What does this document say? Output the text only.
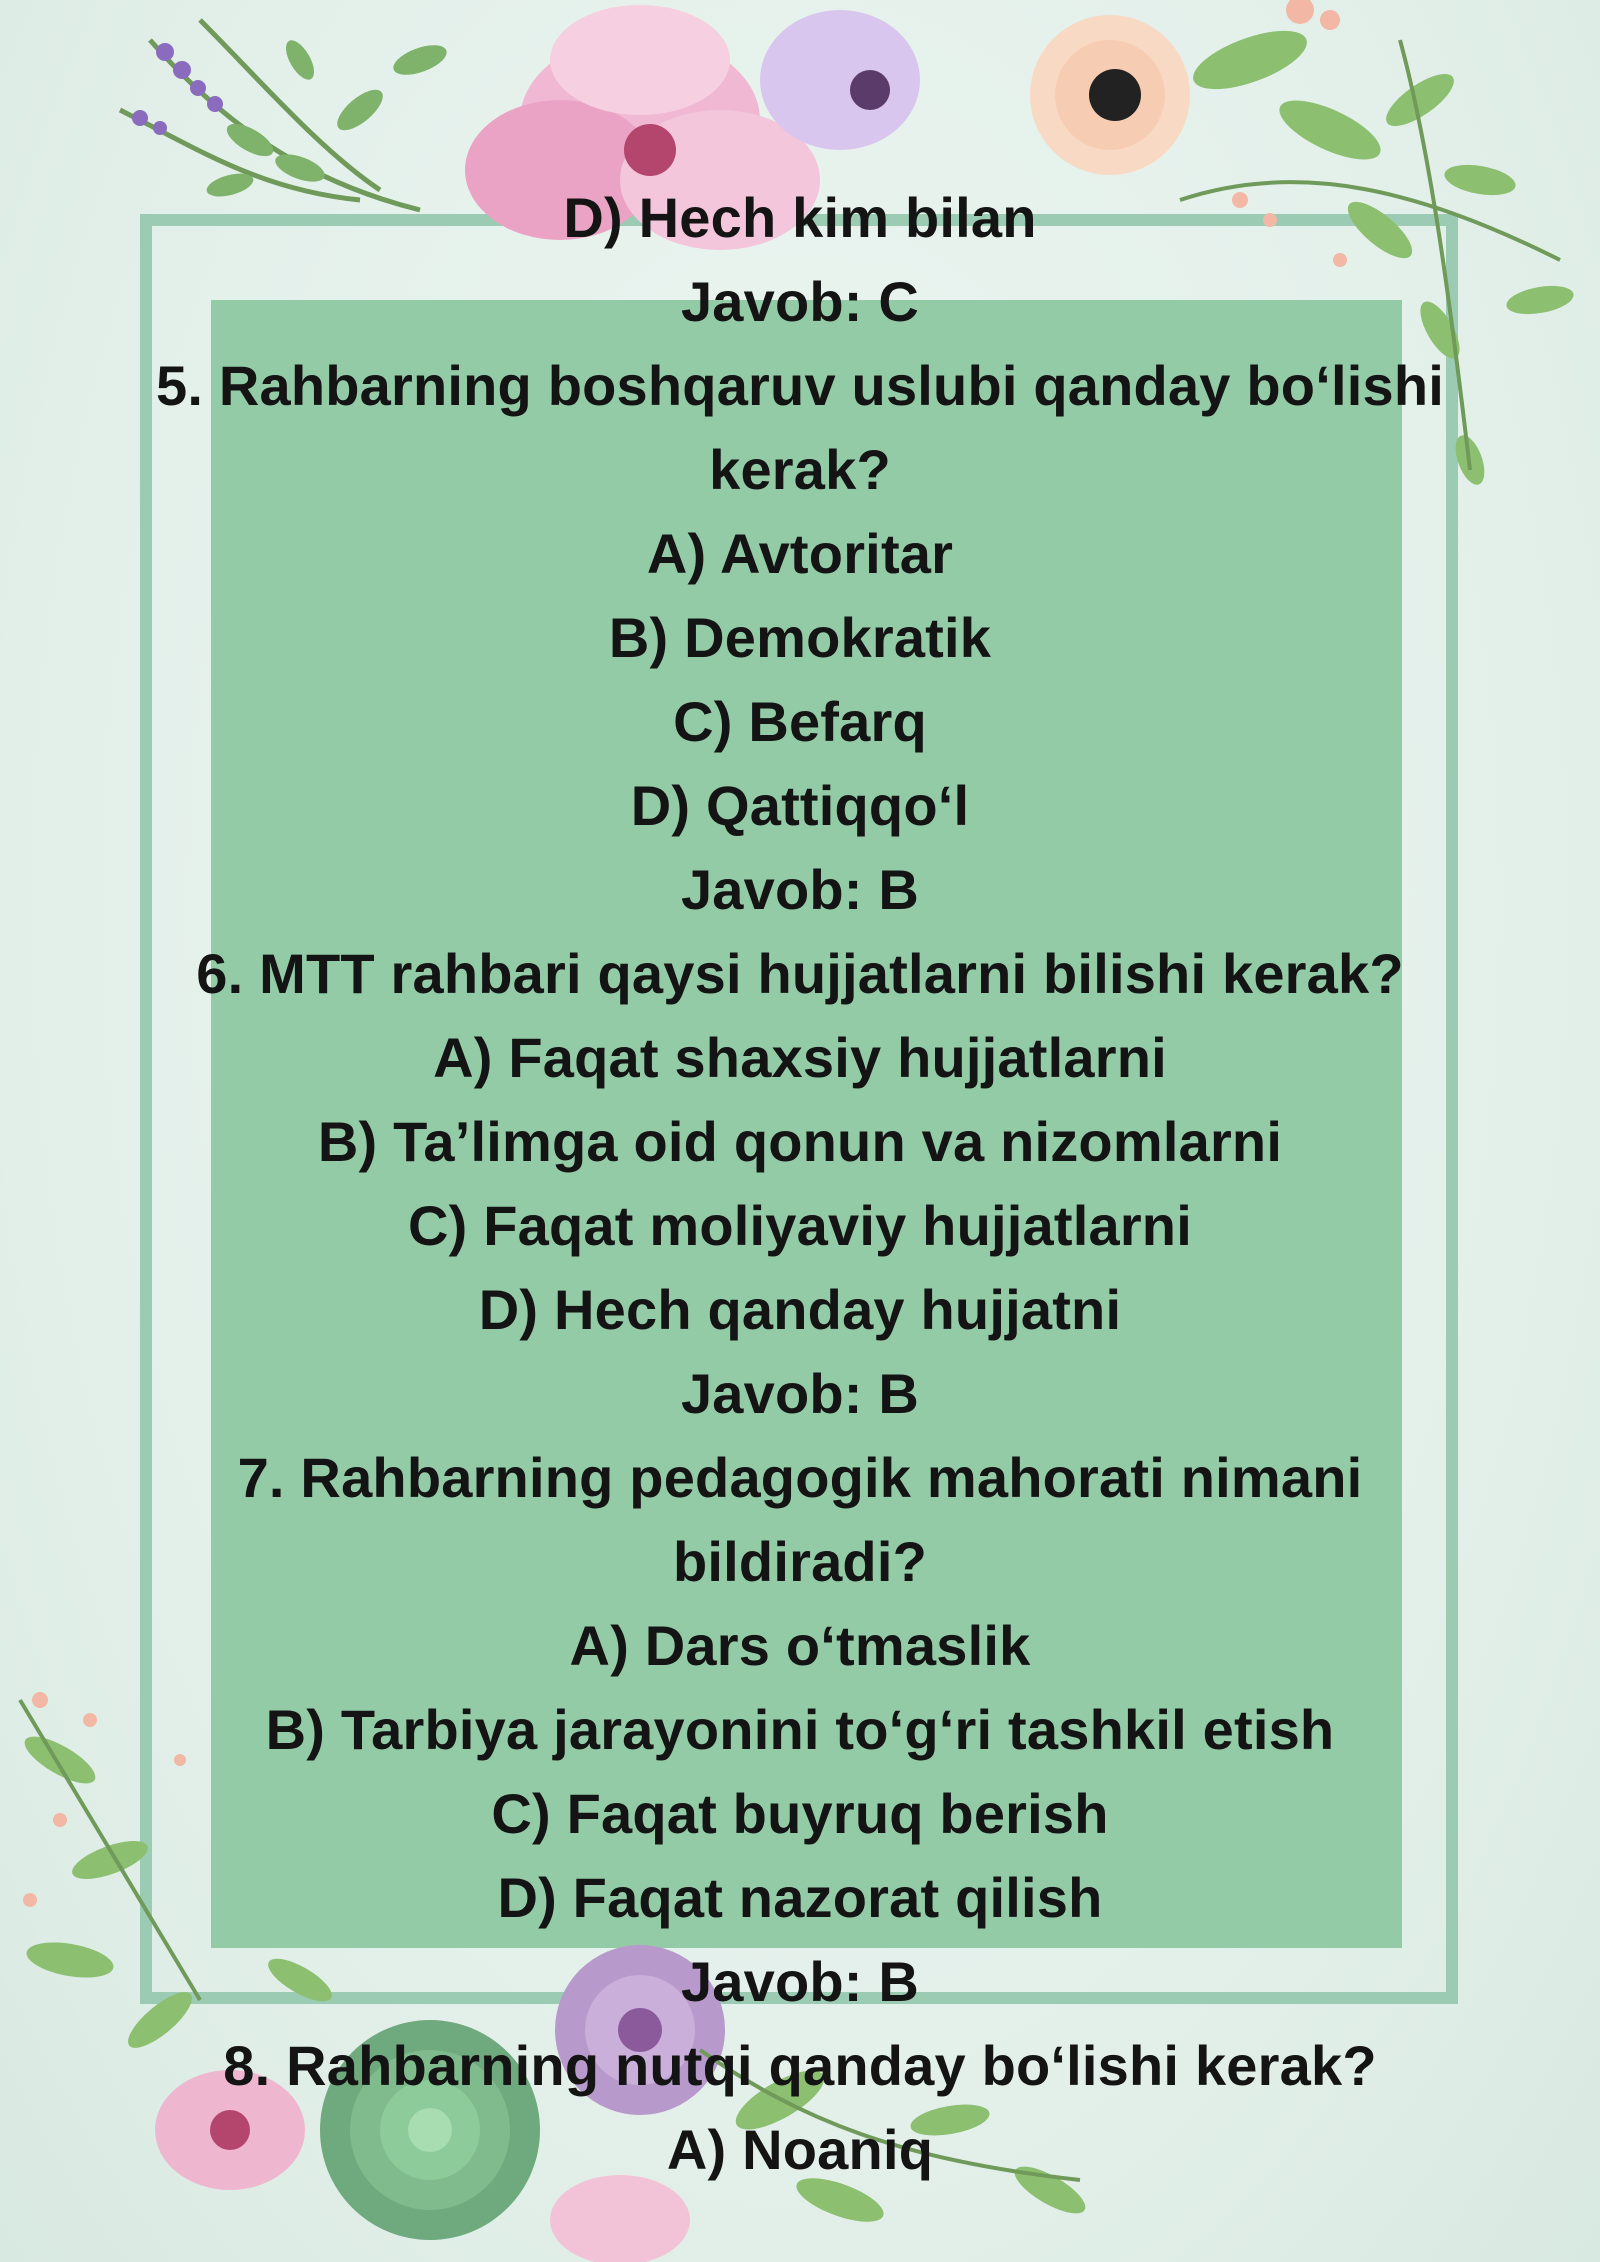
D) Hech kim bilan
Javob: C
5. Rahbarning boshqaruv uslubi qanday bo‘lishi
kerak?
A) Avtoritar
B) Demokratik
C) Befarq
D) Qattiqqo‘l
Javob: B
6. MTT rahbari qaysi hujjatlarni bilishi kerak?
A) Faqat shaxsiy hujjatlarni
B) Ta’limga oid qonun va nizomlarni
C) Faqat moliyaviy hujjatlarni
D) Hech qanday hujjatni
Javob: B
7. Rahbarning pedagogik mahorati nimani
bildiradi?
A) Dars o‘tmaslik
B) Tarbiya jarayonini to‘g‘ri tashkil etish
C) Faqat buyruq berish
D) Faqat nazorat qilish
Javob: B
8. Rahbarning nutqi qanday bo‘lishi kerak?
A) Noaniq
